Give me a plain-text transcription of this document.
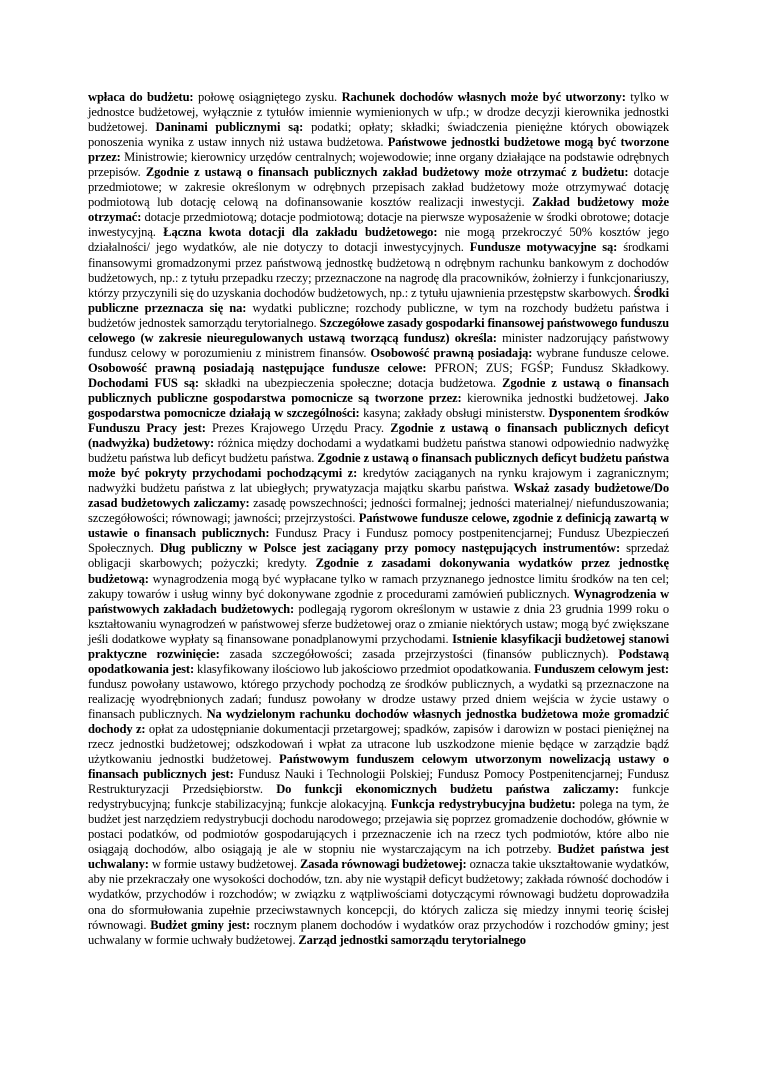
wpłaca do budżetu: połowę osiągniętego zysku. Rachunek dochodów własnych może być utworzony: tylko w jednostce budżetowej, wyłącznie z tytułów imiennie wymienionych w ufp.; w drodze decyzji kierownika jednostki budżetowej. Daninami publicznymi są: podatki; opłaty; składki; świadczenia pieniężne których obowiązek ponoszenia wynika z ustaw innych niż ustawa budżetowa. Państwowe jednostki budżetowe mogą być tworzone przez: Ministrowie; kierownicy urzędów centralnych; wojewodowie; inne organy działające na podstawie odrębnych przepisów. Zgodnie z ustawą o finansach publicznych zakład budżetowy może otrzymać z budżetu: dotacje przedmiotowe; w zakresie określonym w odrębnych przepisach zakład budżetowy może otrzymywać dotację podmiotową lub dotację celową na dofinansowanie kosztów realizacji inwestycji. Zakład budżetowy może otrzymać: dotacje przedmiotową; dotacje podmiotową; dotacje na pierwsze wyposażenie w środki obrotowe; dotacje inwestycyjną. Łączna kwota dotacji dla zakładu budżetowego: nie mogą przekroczyć 50% kosztów jego działalności/ jego wydatków, ale nie dotyczy to dotacji inwestycyjnych. Fundusze motywacyjne są: środkami finansowymi gromadzonymi przez państwową jednostkę budżetową n odrębnym rachunku bankowym z dochodów budżetowych, np.: z tytułu przepadku rzeczy; przeznaczone na nagrodę dla pracowników, żołnierzy i funkcjonariuszy, którzy przyczynili się do uzyskania dochodów budżetowych, np.: z tytułu ujawnienia przestępstw skarbowych. Środki publiczne przeznacza się na: wydatki publiczne; rozchody publiczne, w tym na rozchody budżetu państwa i budżetów jednostek samorządu terytorialnego. Szczegółowe zasady gospodarki finansowej państwowego funduszu celowego (w zakresie nieuregulowanych ustawą tworzącą fundusz) określa: minister nadzorujący państwowy fundusz celowy w porozumieniu z ministrem finansów. Osobowość prawną posiadają: wybrane fundusze celowe. Osobowość prawną posiadają następujące fundusze celowe: PFRON; ZUS; FGŚP; Fundusz Składkowy. Dochodami FUS są: składki na ubezpieczenia społeczne; dotacja budżetowa. Zgodnie z ustawą o finansach publicznych publiczne gospodarstwa pomocnicze są tworzone przez: kierownika jednostki budżetowej. Jako gospodarstwa pomocnicze działają w szczególności: kasyna; zakłady obsługi ministerstw. Dysponentem środków Funduszu Pracy jest: Prezes Krajowego Urzędu Pracy. Zgodnie z ustawą o finansach publicznych deficyt (nadwyżka) budżetowy: różnica między dochodami a wydatkami budżetu państwa stanowi odpowiednio nadwyżkę budżetu państwa lub deficyt budżetu państwa. Zgodnie z ustawą o finansach publicznych deficyt budżetu państwa może być pokryty przychodami pochodzącymi z: kredytów zaciąganych na rynku krajowym i zagranicznym; nadwyżki budżetu państwa z lat ubiegłych; prywatyzacja majątku skarbu państwa. Wskaż zasady budżetowe/Do zasad budżetowych zaliczamy: zasadę powszechności; jedności formalnej; jedności materialnej/ niefunduszowania; szczegółowości; równowagi; jawności; przejrzystości. Państwowe fundusze celowe, zgodnie z definicją zawartą w ustawie o finansach publicznych: Fundusz Pracy i Fundusz pomocy postpenitencjarnej; Fundusz Ubezpieczeń Społecznych. Dług publiczny w Polsce jest zaciągany przy pomocy następujących instrumentów: sprzedaż obligacji skarbowych; pożyczki; kredyty. Zgodnie z zasadami dokonywania wydatków przez jednostkę budżetową: wynagrodzenia mogą być wypłacane tylko w ramach przyznanego jednostce limitu środków na ten cel; zakupy towarów i usług winny być dokonywane zgodnie z procedurami zamówień publicznych. Wynagrodzenia w państwowych zakładach budżetowych: podlegają rygorom określonym w ustawie z dnia 23 grudnia 1999 roku o kształtowaniu wynagrodzeń w państwowej sferze budżetowej oraz o zmianie niektórych ustaw; mogą być zwiększane jeśli dodatkowe wypłaty są finansowane ponadplanowymi przychodami. Istnienie klasyfikacji budżetowej stanowi praktyczne rozwinięcie: zasada szczegółowości; zasada przejrzystości (finansów publicznych). Podstawą opodatkowania jest: klasyfikowany ilościowo lub jakościowo przedmiot opodatkowania. Funduszem celowym jest: fundusz powołany ustawowo, którego przychody pochodzą ze środków publicznych, a wydatki są przeznaczone na realizację wyodrębnionych zadań; fundusz powołany w drodze ustawy przed dniem wejścia w życie ustawy o finansach publicznych. Na wydzielonym rachunku dochodów własnych jednostka budżetowa może gromadzić dochody z: opłat za udostępnianie dokumentacji przetargowej; spadków, zapisów i darowizn w postaci pieniężnej na rzecz jednostki budżetowej; odszkodowań i wpłat za utracone lub uszkodzone mienie będące w zarządzie bądź użytkowaniu jednostki budżetowej. Państwowym funduszem celowym utworzonym nowelizacją ustawy o finansach publicznych jest: Fundusz Nauki i Technologii Polskiej; Fundusz Pomocy Postpenitencjarnej; Fundusz Restrukturyzacji Przedsiębiorstw. Do funkcji ekonomicznych budżetu państwa zaliczamy: funkcje redystrybucyjną; funkcje stabilizacyjną; funkcje alokacyjną. Funkcja redystrybucyjna budżetu: polega na tym, że budżet jest narzędziem redystrybucji dochodu narodowego; przejawia się poprzez gromadzenie dochodów, głównie w postaci podatków, od podmiotów gospodarujących i przeznaczenie ich na rzecz tych podmiotów, które albo nie osiągają dochodów, albo osiągają je ale w stopniu nie wystarczającym na ich potrzeby. Budżet państwa jest uchwalany: w formie ustawy budżetowej. Zasada równowagi budżetowej: oznacza takie ukształtowanie wydatków, aby nie przekraczały one wysokości dochodów, tzn. aby nie wystąpił deficyt budżetowy; zakłada równość dochodów i wydatków, przychodów i rozchodów; w związku z wątpliwościami dotyczącymi równowagi budżetu doprowadziła ona do sformułowania zupełnie przeciwstawnych koncepcji, do których zalicza się miedzy innymi teorię ścisłej równowagi. Budżet gminy jest: rocznym planem dochodów i wydatków oraz przychodów i rozchodów gminy; jest uchwalany w formie uchwały budżetowej. Zarząd jednostki samorządu terytorialnego
